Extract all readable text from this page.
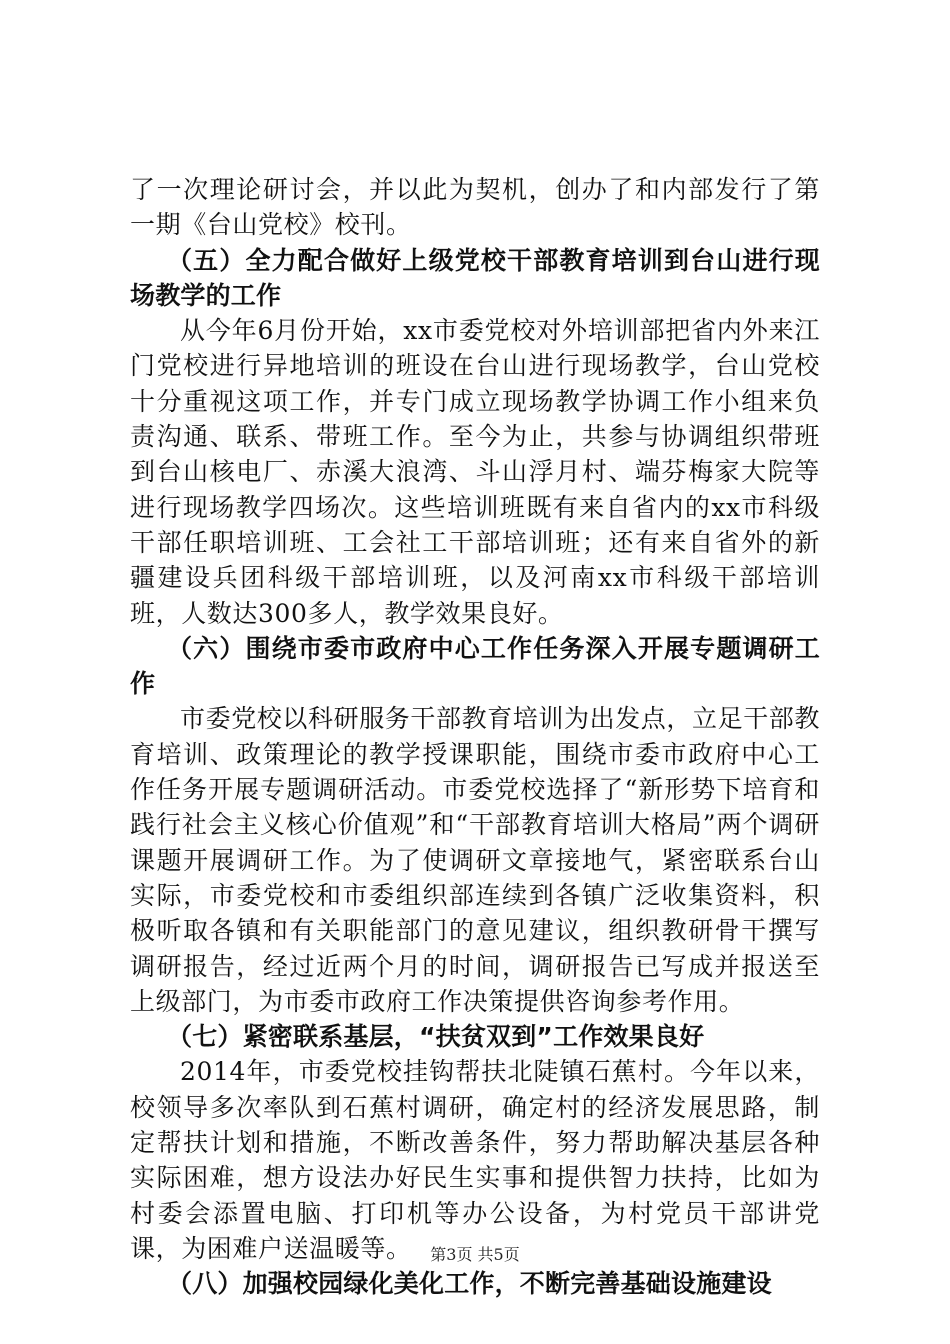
了一次理论研讨会，并以此为契机，创办了和内部发行了第一期《台山党校》校刊。

（五）全力配合做好上级党校干部教育培训到台山进行现场教学的工作

从今年6月份开始，xx市委党校对外培训部把省内外来江门党校进行异地培训的班设在台山进行现场教学，台山党校十分重视这项工作，并专门成立现场教学协调工作小组来负责沟通、联系、带班工作。至今为止，共参与协调组织带班到台山核电厂、赤溪大浪湾、斗山浮月村、端芬梅家大院等进行现场教学四场次。这些培训班既有来自省内的xx市科级干部任职培训班、工会社工干部培训班；还有来自省外的新疆建设兵团科级干部培训班，以及河南xx市科级干部培训班，人数达300多人，教学效果良好。

（六）围绕市委市政府中心工作任务深入开展专题调研工作

市委党校以科研服务干部教育培训为出发点，立足干部教育培训、政策理论的教学授课职能，围绕市委市政府中心工作任务开展专题调研活动。市委党校选择了“新形势下培育和践行社会主义核心价值观”和“干部教育培训大格局”两个调研课题开展调研工作。为了使调研文章接地气，紧密联系台山实际，市委党校和市委组织部连续到各镇广泛收集资料，积极听取各镇和有关职能部门的意见建议，组织教研骨干撰写调研报告，经过近两个月的时间，调研报告已写成并报送至上级部门，为市委市政府工作决策提供咨询参考作用。

（七）紧密联系基层，“扶贫双到”工作效果良好

2014年，市委党校挂钩帮扶北陡镇石蕉村。今年以来，校领导多次率队到石蕉村调研，确定村的经济发展思路，制定帮扶计划和措施，不断改善条件，努力帮助解决基层各种实际困难，想方设法办好民生实事和提供智力扶持，比如为村委会添置电脑、打印机等办公设备，为村党员干部讲党课，为困难户送温暖等。

（八）加强校园绿化美化工作，不断完善基础设施建设

第3页 共5页
